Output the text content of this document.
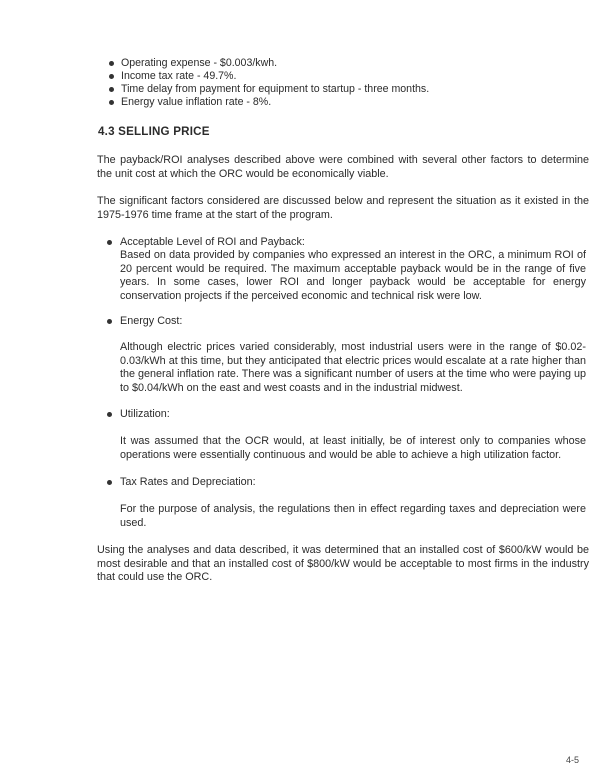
Operating expense - $0.003/kwh.
Income tax rate - 49.7%.
Time delay from payment for equipment to startup - three months.
Energy value inflation rate - 8%.
4.3 SELLING PRICE

The payback/ROI analyses described above were combined with several other factors to determine the unit cost at which the ORC would be economically viable.

The significant factors considered are discussed below and represent the situation as it existed in the 1975-1976 time frame at the start of the program.

Acceptable Level of ROI and Payback:

Based on data provided by companies who expressed an interest in the ORC, a minimum ROI of 20 percent would be required. The maximum acceptable payback would be in the range of five years. In some cases, lower ROI and longer payback would be acceptable for energy conservation projects if the perceived economic and technical risk were low.

Energy Cost:

Although electric prices varied considerably, most industrial users were in the range of $0.02-0.03/kWh at this time, but they anticipated that electric prices would escalate at a rate higher than the general inflation rate. There was a significant number of users at the time who were paying up to $0.04/kWh on the east and west coasts and in the industrial midwest.

Utilization:

It was assumed that the OCR would, at least initially, be of interest only to companies whose operations were essentially continuous and would be able to achieve a high utilization factor.

Tax Rates and Depreciation:

For the purpose of analysis, the regulations then in effect regarding taxes and depreciation were used.

Using the analyses and data described, it was determined that an installed cost of $600/kW would be most desirable and that an installed cost of $800/kW would be acceptable to most firms in the industry that could use the ORC.

4-5
